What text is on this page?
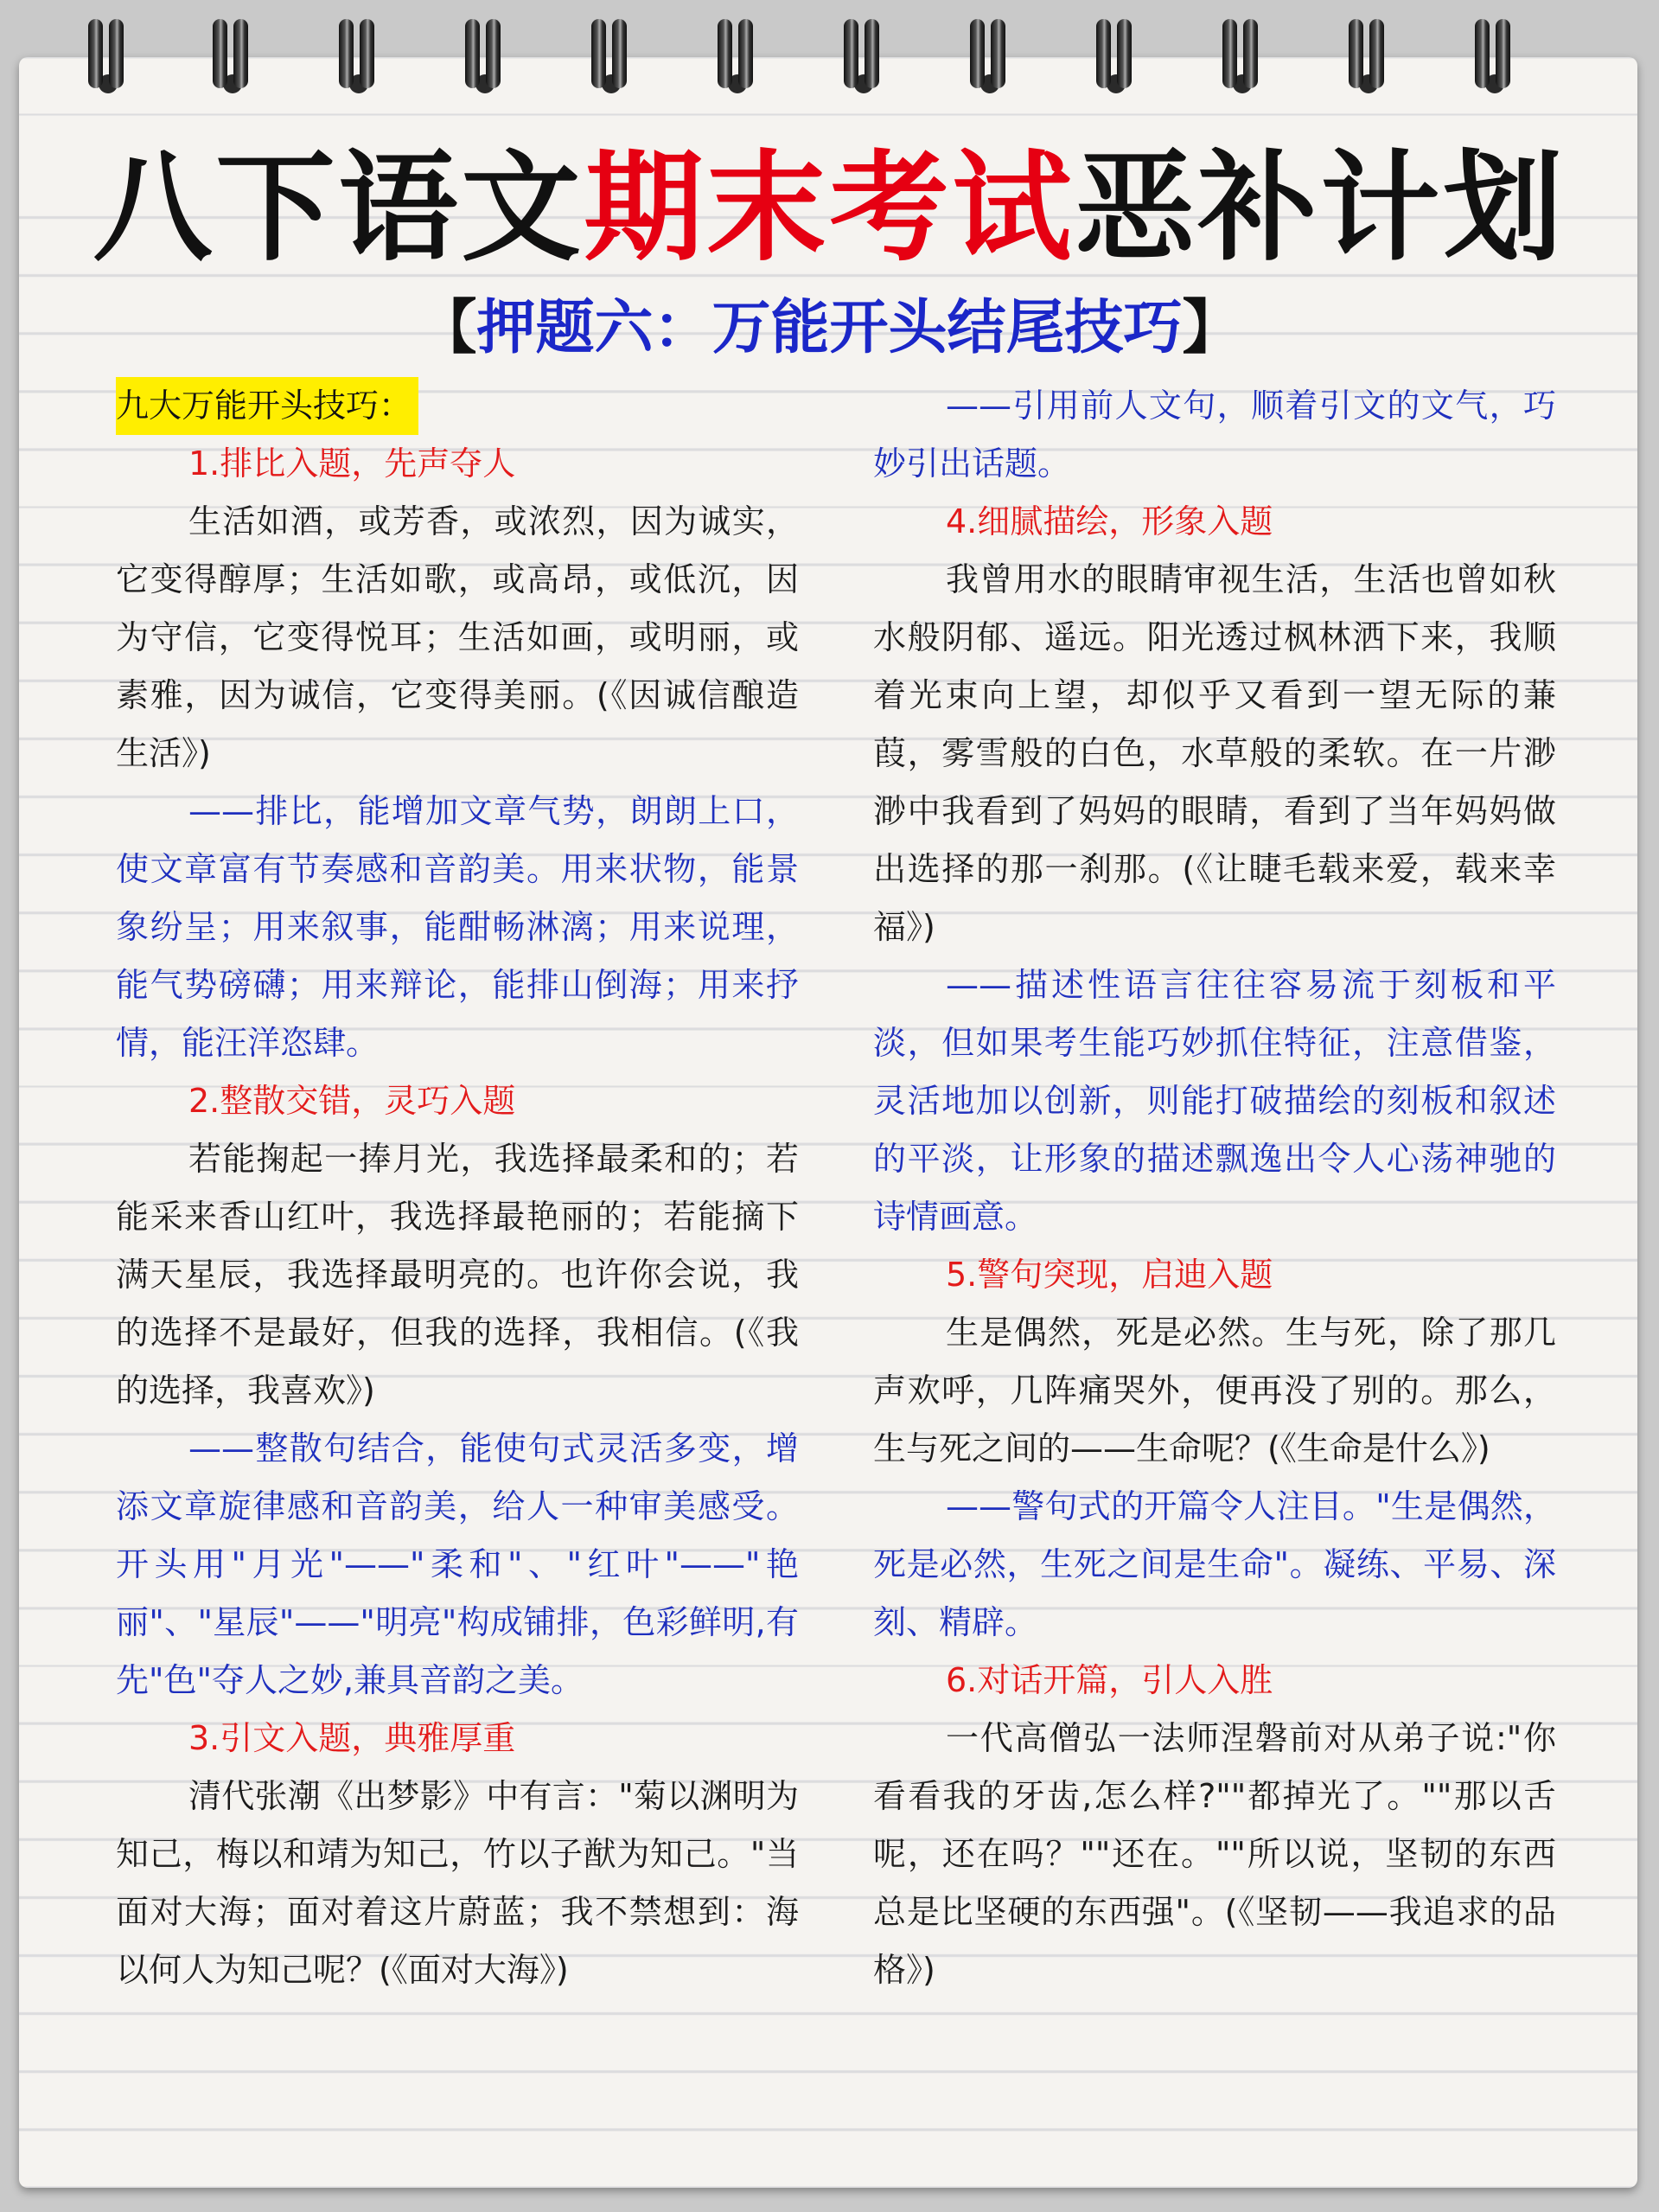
八下语文期末考试恶补计划
【押题六：万能开头结尾技巧】

九大万能开头技巧：

1.排比入题，先声夺人

生活如酒，或芳香，或浓烈，因为诚实，它变得醇厚；生活如歌，或高昂，或低沉，因为守信，它变得悦耳；生活如画，或明丽，或素雅，因为诚信，它变得美丽。(《因诚信酿造生活》)

——排比，能增加文章气势，朗朗上口，使文章富有节奏感和音韵美。用来状物，能景象纷呈；用来叙事，能酣畅淋漓；用来说理，能气势磅礴；用来辩论，能排山倒海；用来抒情，能汪洋恣肆。

2.整散交错，灵巧入题

若能掬起一捧月光，我选择最柔和的；若能采来香山红叶，我选择最艳丽的；若能摘下满天星辰，我选择最明亮的。也许你会说，我的选择不是最好，但我的选择，我相信。(《我的选择，我喜欢》)

——整散句结合，能使句式灵活多变，增添文章旋律感和音韵美，给人一种审美感受。开头用"月光"——"柔和"、"红叶"——"艳丽"、"星辰"——"明亮"构成铺排，色彩鲜明,有先"色"夺人之妙,兼具音韵之美。

3.引文入题，典雅厚重

清代张潮《出梦影》中有言："菊以渊明为知己，梅以和靖为知己，竹以子猷为知己。"当面对大海；面对着这片蔚蓝；我不禁想到：海以何人为知己呢？(《面对大海》)

——引用前人文句，顺着引文的文气，巧妙引出话题。

4.细腻描绘，形象入题

我曾用水的眼睛审视生活，生活也曾如秋水般阴郁、遥远。阳光透过枫林洒下来，我顺着光束向上望，却似乎又看到一望无际的蒹葭，雾雪般的白色，水草般的柔软。在一片渺渺中我看到了妈妈的眼睛，看到了当年妈妈做出选择的那一刹那。(《让睫毛载来爱，载来幸福》)

——描述性语言往往容易流于刻板和平淡，但如果考生能巧妙抓住特征，注意借鉴，灵活地加以创新，则能打破描绘的刻板和叙述的平淡，让形象的描述飘逸出令人心荡神驰的诗情画意。

5.警句突现，启迪入题

生是偶然，死是必然。生与死，除了那几声欢呼，几阵痛哭外，便再没了别的。那么，生与死之间的——生命呢？(《生命是什么》)

——警句式的开篇令人注目。"生是偶然，死是必然，生死之间是生命"。凝练、平易、深刻、精辟。

6.对话开篇，引人入胜

一代高僧弘一法师涅磐前对从弟子说:"你看看我的牙齿,怎么样?""都掉光了。""那以舌呢，还在吗？""还在。""所以说，坚韧的东西总是比坚硬的东西强"。(《坚韧——我追求的品格》)
